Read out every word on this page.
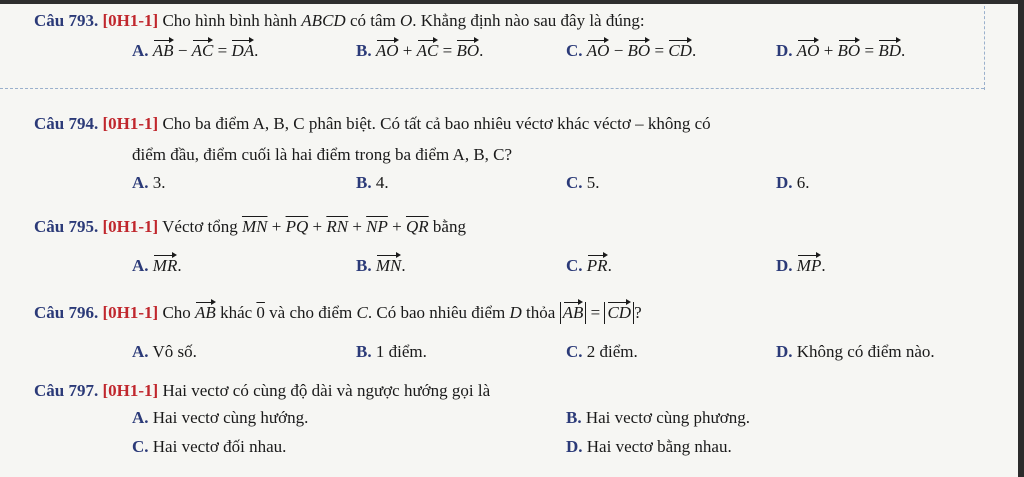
Câu 793. [0H1-1] Cho hình bình hành ABCD có tâm O. Khẳng định nào sau đây là đúng:
A. AB − AC = DA.	B. AO + AC = BO.	C. AO − BO = CD.	D. AO + BO = BD.
Câu 794. [0H1-1] Cho ba điểm A, B, C phân biệt. Có tất cả bao nhiêu véctơ khác véctơ – không có
điểm đầu, điểm cuối là hai điểm trong ba điểm A, B, C?
A. 3.	B. 4.	C. 5.	D. 6.
Câu 795. [0H1-1] Véctơ tổng $\overline{MN} + \overline{PQ} + \overline{RN} + \overline{NP} + \overline{QR}$ bằng
A. MR.	B. MN.	C. PR.	D. MP.
Câu 796. [0H1-1] Cho AB khác 0 và cho điểm C. Có bao nhiêu điểm D thỏa AB = CD ?
A. Vô số.	B. 1 điểm.	C. 2 điểm.	D. Không có điểm nào.
Câu 797. [0H1-1] Hai vectơ có cùng độ dài và ngược hướng gọi là
A. Hai vectơ cùng hướng.	B. Hai vectơ cùng phương.
C. Hai vectơ đối nhau.	D. Hai vectơ bằng nhau.
